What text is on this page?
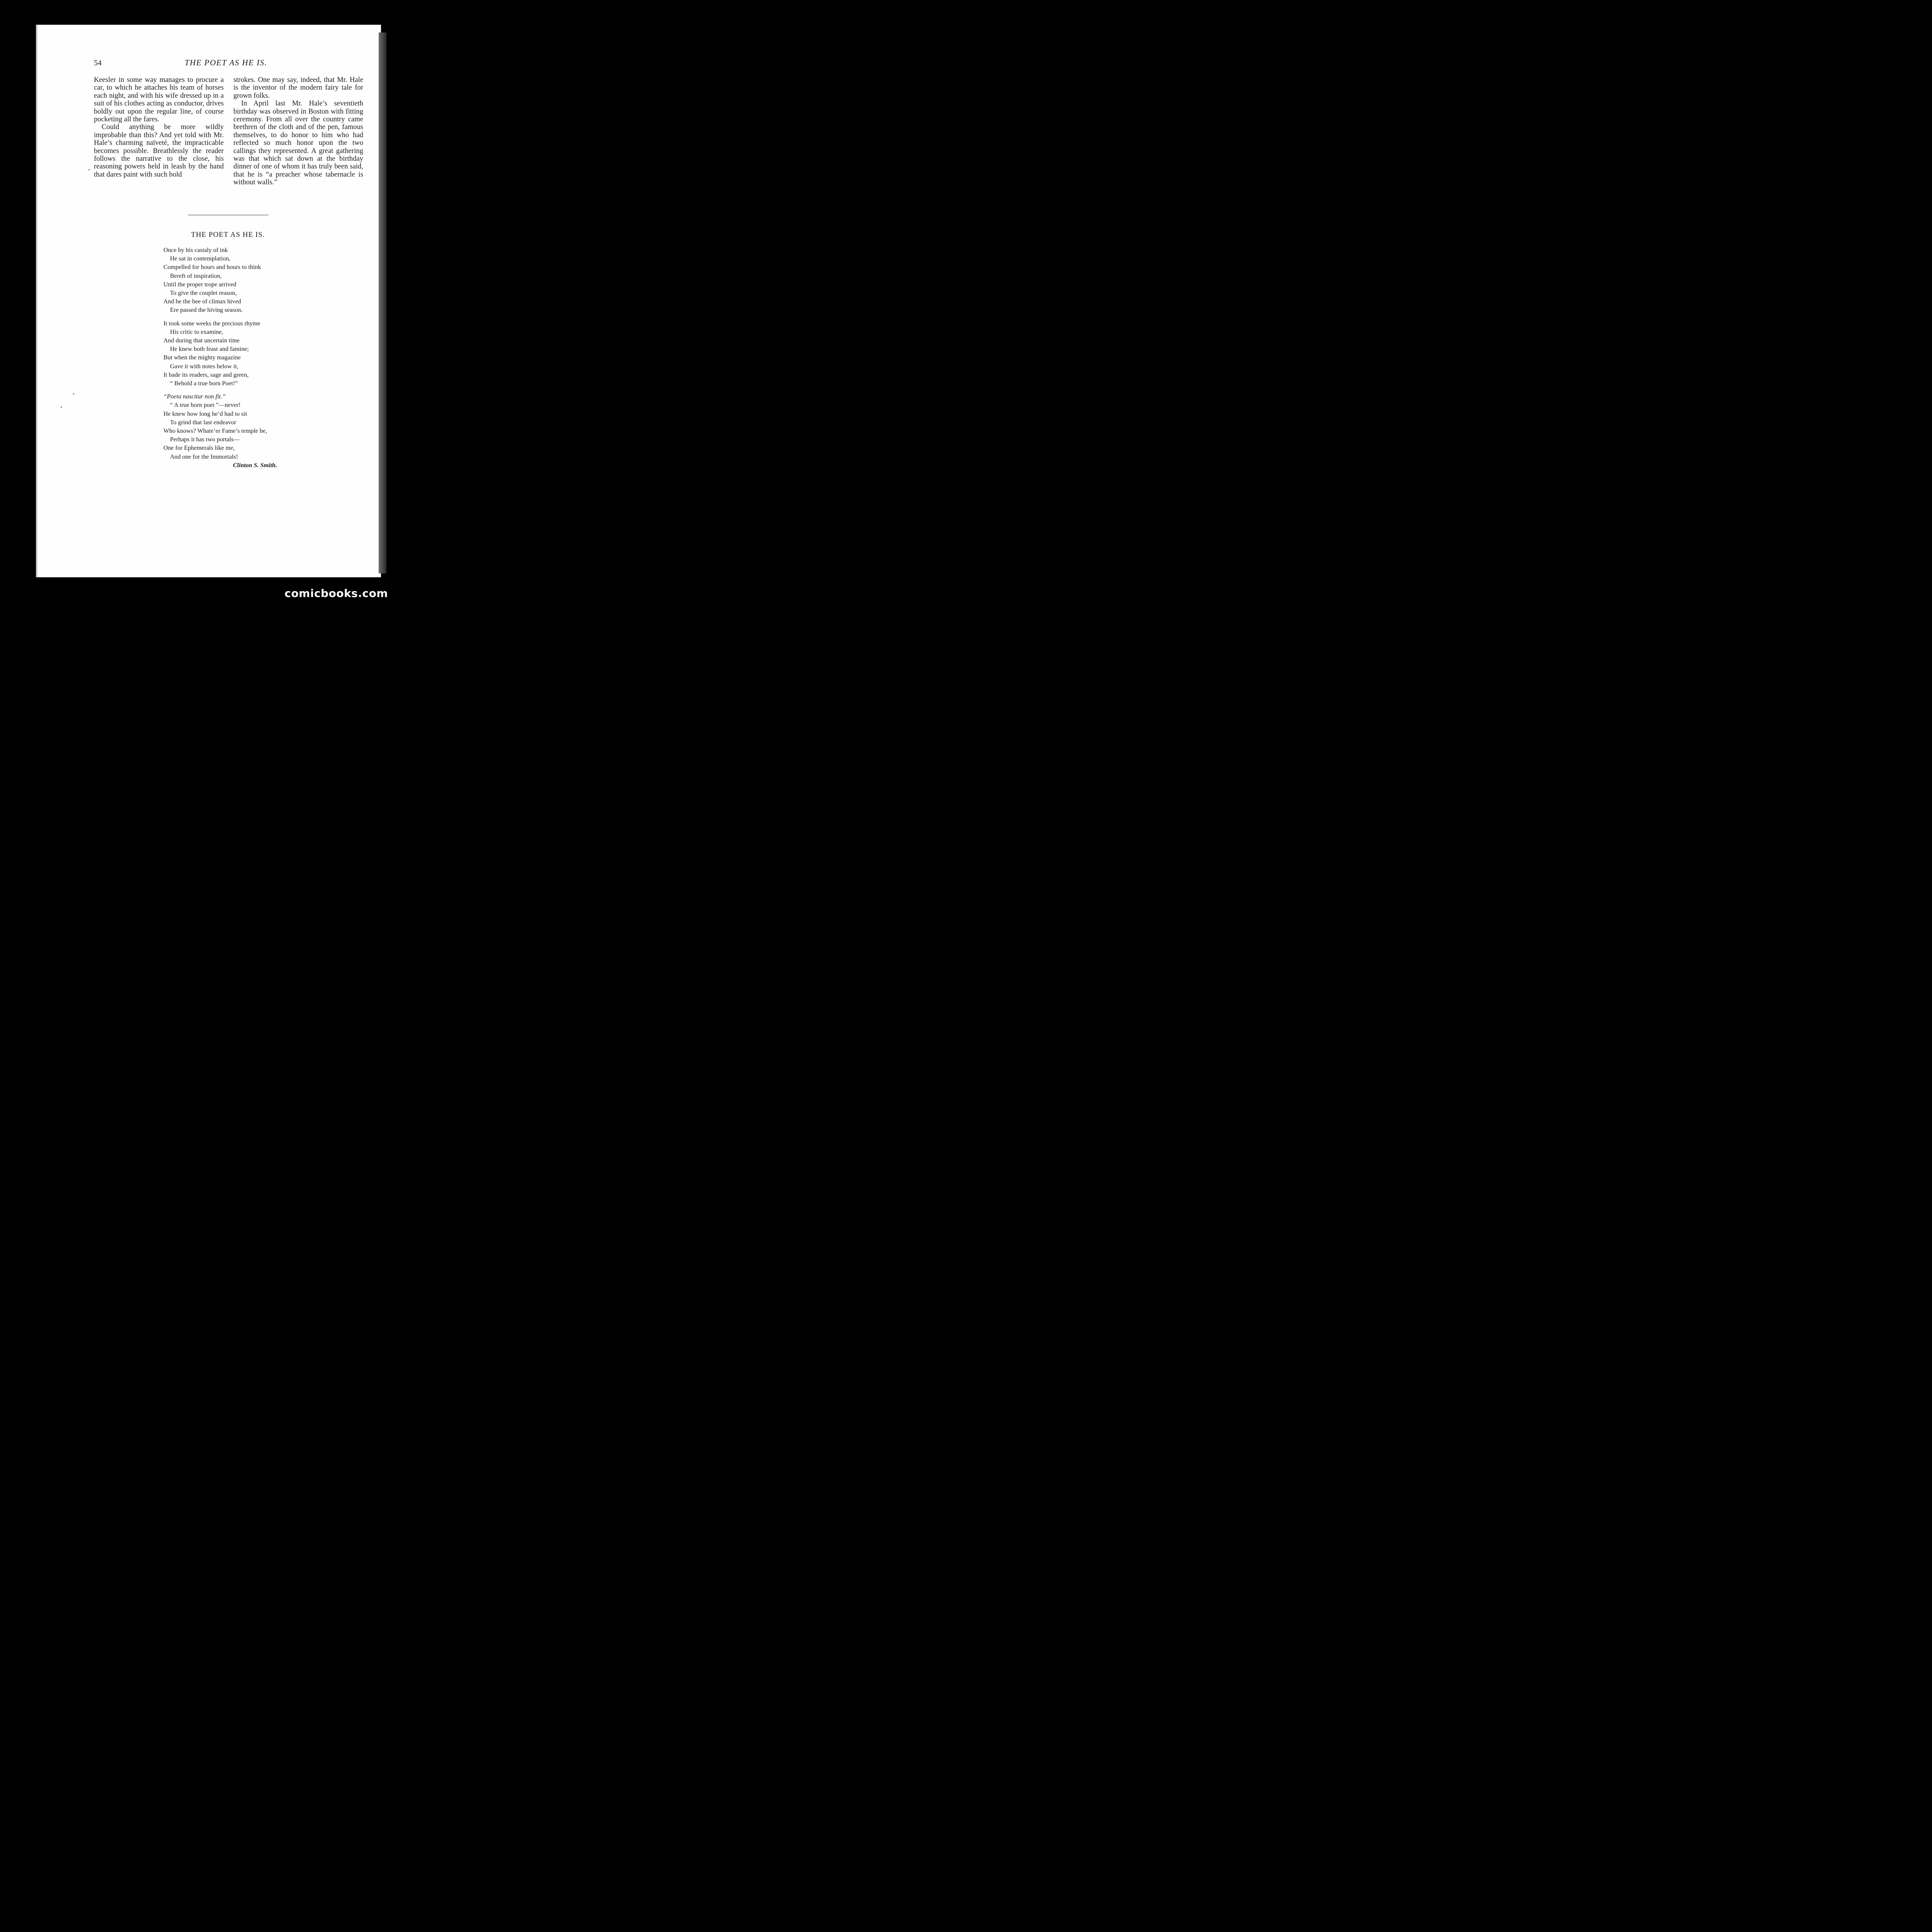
54	THE POET AS HE IS.

Keesler in some way manages to procure a car, to which he attaches his team of horses each night, and with his wife dressed up in a suit of his clothes acting as conductor, drives boldly out upon the regular line, of course pocketing all the fares.

Could anything be more wildly improbable than this? And yet told with Mr. Hale’s charming naïveté, the impracticable becomes possible. Breathlessly the reader follows the narrative to the close, his reasoning powers held in leash by the hand that dares paint with such bold

strokes. One may say, indeed, that Mr. Hale is the inventor of the modern fairy tale for grown folks.

In April last Mr. Hale’s seventieth birthday was observed in Boston with fitting ceremony. From all over the country came brethren of the cloth and of the pen, famous themselves, to do honor to him who had reflected so much honor upon the two callings they represented. A great gathering was that which sat down at the birthday dinner of one of whom it has truly been said, that he is “a preacher whose tabernacle is without walls.”

THE POET AS HE IS.
Once by his castaly of ink
He sat in contemplation,
Compelled for hours and hours to think
Bereft of inspiration,
Until the proper trope arrived
To give the couplet reason,
And he the bee of climax hived
Ere passed the hiving season.
It took some weeks the precious rhyme
His critic to examine,
And during that uncertain time
He knew both feast and famine;
But when the mighty magazine
Gave it with notes below it,
It bade its readers, sage and green,
“ Behold a true born Poet!”
“Poeta nascitur non fit.”
“ A true born poet ”—never!
He knew how long he’d had to sit
To grind that last endeavor
Who knows? Whate’er Fame’s temple be,
Perhaps it has two portals—
One for Ephemerals like me,
And one for the Immortals!
Clinton S. Smith.
comicbooks.com
